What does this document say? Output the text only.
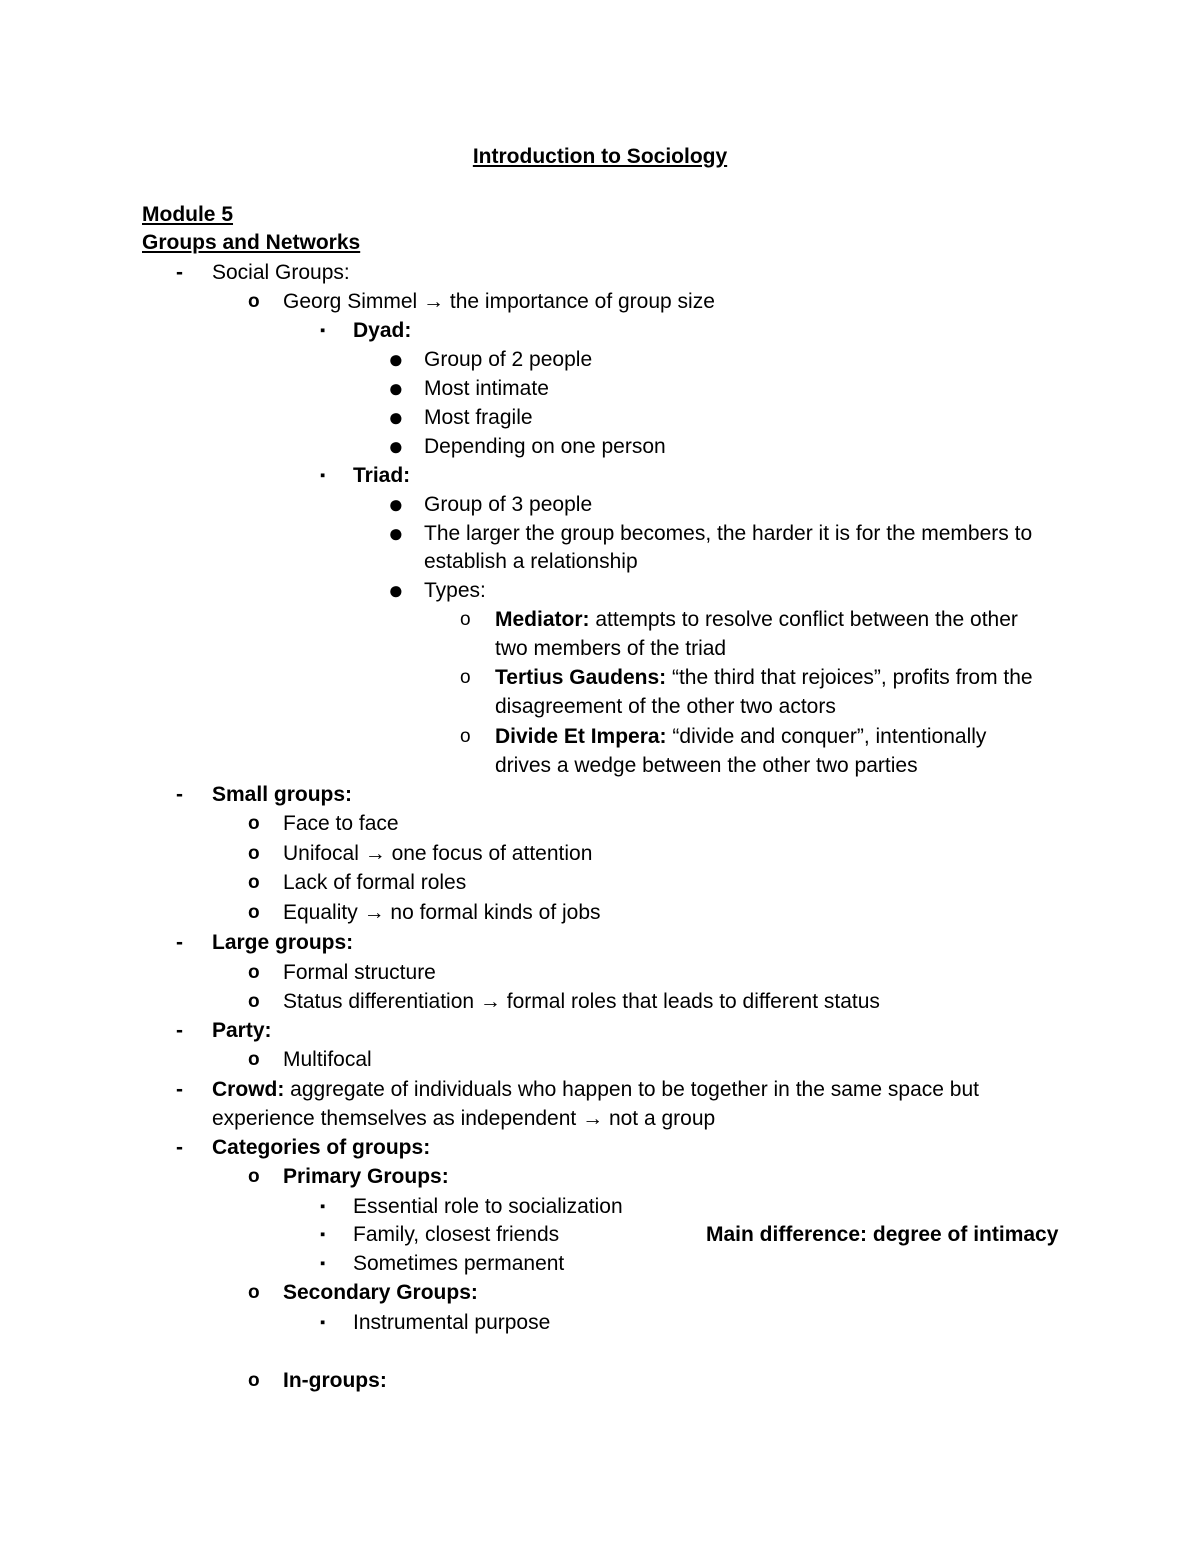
Introduction to Sociology
Module 5
Groups and Networks
- Social Groups:
o Georg Simmel → the importance of group size
▪ Dyad:
● Group of 2 people
● Most intimate
● Most fragile
● Depending on one person
▪ Triad:
● Group of 3 people
● The larger the group becomes, the harder it is for the members to
establish a relationship
● Types:
o Mediator: attempts to resolve conflict between the other
two members of the triad
o Tertius Gaudens: “the third that rejoices”, profits from the
disagreement of the other two actors
o Divide Et Impera: “divide and conquer”, intentionally
drives a wedge between the other two parties
- Small groups:
o Face to face
o Unifocal → one focus of attention
o Lack of formal roles
o Equality → no formal kinds of jobs
- Large groups:
o Formal structure
o Status differentiation → formal roles that leads to different status
- Party:
o Multifocal
- Crowd: aggregate of individuals who happen to be together in the same space but
experience themselves as independent → not a group
- Categories of groups:
o Primary Groups:
▪ Essential role to socialization
▪ Family, closest friends	Main difference: degree of intimacy
▪ Sometimes permanent
o Secondary Groups:
▪ Instrumental purpose
o In-groups:
